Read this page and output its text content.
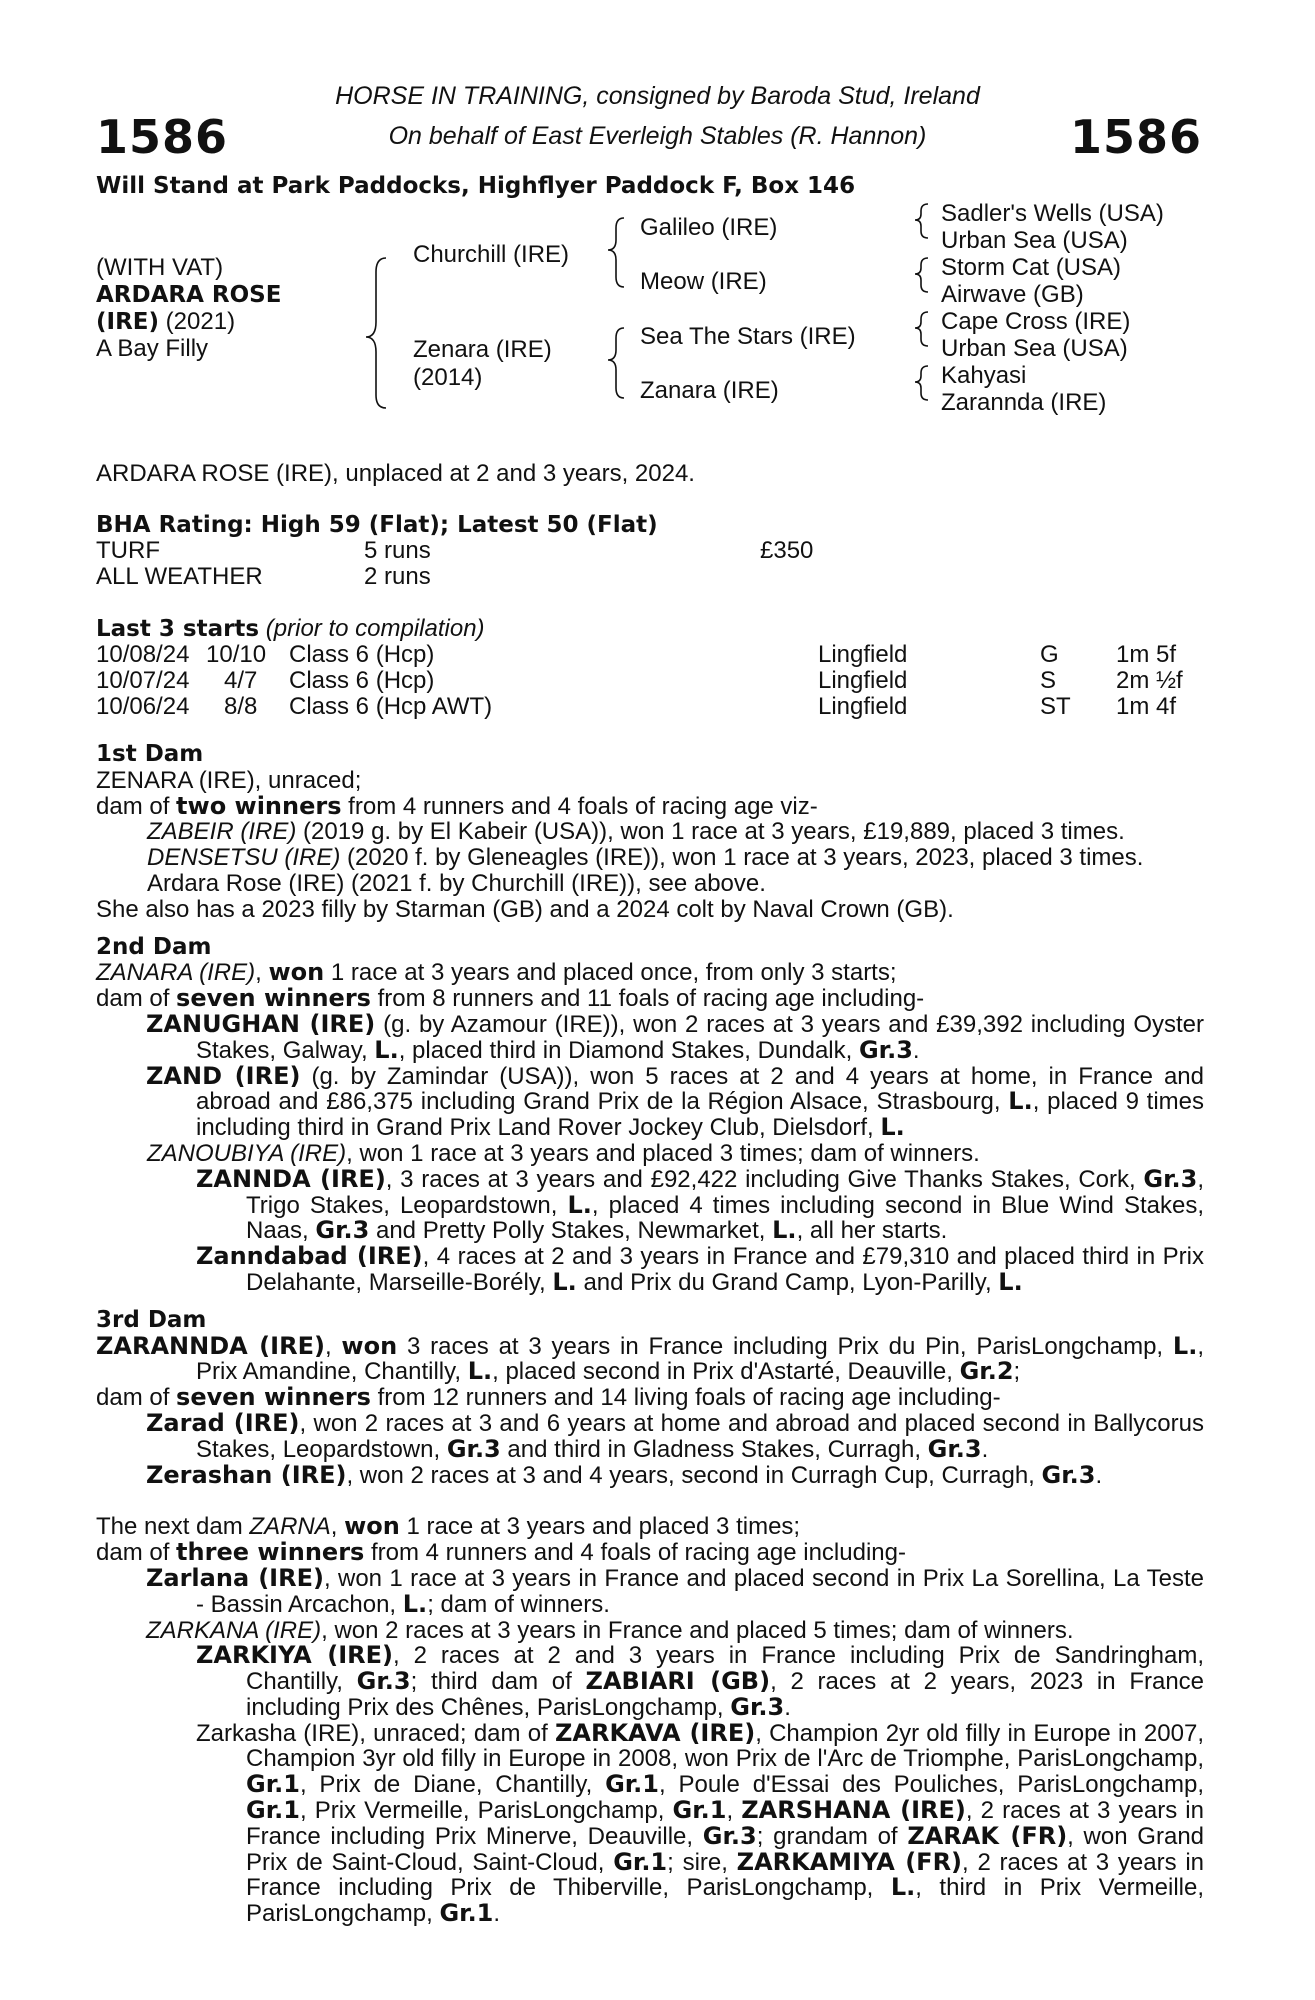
1586	1586
HORSE IN TRAINING, consigned by Baroda Stud, Ireland
On behalf of East Everleigh Stables (R. Hannon)
Will Stand at Park Paddocks, Highflyer Paddock F, Box 146
(WITH VAT)
ARDARA ROSE
(IRE) (2021)
A Bay Filly
Churchill (IRE)
Zenara (IRE)
(2014)
Galileo (IRE)
Meow (IRE)
Sea The Stars (IRE)
Zanara (IRE)
Sadler's Wells (USA)
Urban Sea (USA)
Storm Cat (USA)
Airwave (GB)
Cape Cross (IRE)
Urban Sea (USA)
Kahyasi
Zarannda (IRE)
ARDARA ROSE (IRE), unplaced at 2 and 3 years, 2024.
BHA Rating: High 59 (Flat); Latest 50 (Flat)
TURF	5 runs	£350
ALL WEATHER	2 runs
Last 3 starts (prior to compilation)
10/08/24 10/10 Class 6 (Hcp)	Lingfield	G 1m 5f
10/07/24 4/7 Class 6 (Hcp)	Lingfield	S 2m ½f
10/06/24 8/8 Class 6 (Hcp AWT)	Lingfield	ST 1m 4f

1st Dam

ZENARA (IRE), unraced;

dam of two winners from 4 runners and 4 foals of racing age viz-

ZABEIR (IRE) (2019 g. by El Kabeir (USA)), won 1 race at 3 years, £19,889, placed 3 times.

DENSETSU (IRE) (2020 f. by Gleneagles (IRE)), won 1 race at 3 years, 2023, placed 3 times.

Ardara Rose (IRE) (2021 f. by Churchill (IRE)), see above.

She also has a 2023 filly by Starman (GB) and a 2024 colt by Naval Crown (GB).

2nd Dam

ZANARA (IRE), won 1 race at 3 years and placed once, from only 3 starts;

dam of seven winners from 8 runners and 11 foals of racing age including-

ZANUGHAN (IRE) (g. by Azamour (IRE)), won 2 races at 3 years and £39,392 including Oyster Stakes, Galway, L., placed third in Diamond Stakes, Dundalk, Gr.3.

ZAND (IRE) (g. by Zamindar (USA)), won 5 races at 2 and 4 years at home, in France and abroad and £86,375 including Grand Prix de la Région Alsace, Strasbourg, L., placed 9 times including third in Grand Prix Land Rover Jockey Club, Dielsdorf, L.

ZANOUBIYA (IRE), won 1 race at 3 years and placed 3 times; dam of winners.

ZANNDA (IRE), 3 races at 3 years and £92,422 including Give Thanks Stakes, Cork, Gr.3, Trigo Stakes, Leopardstown, L., placed 4 times including second in Blue Wind Stakes, Naas, Gr.3 and Pretty Polly Stakes, Newmarket, L., all her starts.

Zanndabad (IRE), 4 races at 2 and 3 years in France and £79,310 and placed third in Prix Delahante, Marseille-Borély, L. and Prix du Grand Camp, Lyon-Parilly, L.

3rd Dam

ZARANNDA (IRE), won 3 races at 3 years in France including Prix du Pin, ParisLongchamp, L., Prix Amandine, Chantilly, L., placed second in Prix d'Astarté, Deauville, Gr.2;

dam of seven winners from 12 runners and 14 living foals of racing age including-

Zarad (IRE), won 2 races at 3 and 6 years at home and abroad and placed second in Ballycorus Stakes, Leopardstown, Gr.3 and third in Gladness Stakes, Curragh, Gr.3.

Zerashan (IRE), won 2 races at 3 and 4 years, second in Curragh Cup, Curragh, Gr.3.

The next dam ZARNA, won 1 race at 3 years and placed 3 times;

dam of three winners from 4 runners and 4 foals of racing age including-

Zarlana (IRE), won 1 race at 3 years in France and placed second in Prix La Sorellina, La Teste - Bassin Arcachon, L.; dam of winners.

ZARKANA (IRE), won 2 races at 3 years in France and placed 5 times; dam of winners.

ZARKIYA (IRE), 2 races at 2 and 3 years in France including Prix de Sandringham, Chantilly, Gr.3; third dam of ZABIARI (GB), 2 races at 2 years, 2023 in France including Prix des Chênes, ParisLongchamp, Gr.3.

Zarkasha (IRE), unraced; dam of ZARKAVA (IRE), Champion 2yr old filly in Europe in 2007, Champion 3yr old filly in Europe in 2008, won Prix de l'Arc de Triomphe, ParisLongchamp, Gr.1, Prix de Diane, Chantilly, Gr.1, Poule d'Essai des Pouliches, ParisLongchamp, Gr.1, Prix Vermeille, ParisLongchamp, Gr.1, ZARSHANA (IRE), 2 races at 3 years in France including Prix Minerve, Deauville, Gr.3; grandam of ZARAK (FR), won Grand Prix de Saint-Cloud, Saint-Cloud, Gr.1; sire, ZARKAMIYA (FR), 2 races at 3 years in France including Prix de Thiberville, ParisLongchamp, L., third in Prix Vermeille, ParisLongchamp, Gr.1.
